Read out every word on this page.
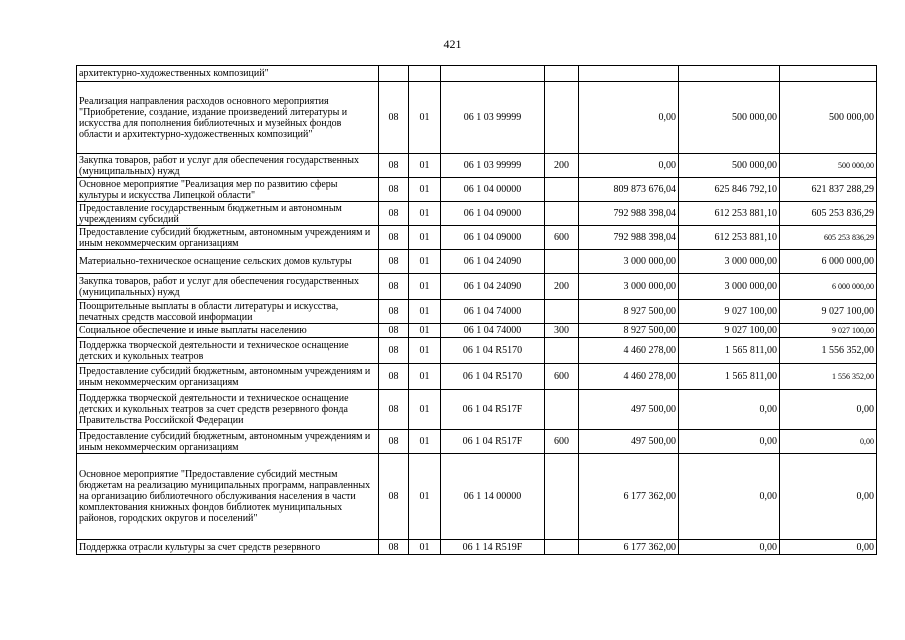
421
архитектурно-художественных композиций"							
Реализация направления расходов основного мероприятия "Приобретение, создание, издание произведений литературы и искусства для пополнения библиотечных и музейных фондов области и архитектурно-художественных композиций"	08	01	06 1 03 99999		0,00	500 000,00	500 000,00
Закупка товаров, работ и услуг для обеспечения государственных (муниципальных) нужд	08	01	06 1 03 99999	200	0,00	500 000,00	500 000,00
Основное мероприятие "Реализация мер по развитию сферы культуры и искусства Липецкой области"	08	01	06 1 04 00000		809 873 676,04	625 846 792,10	621 837 288,29
Предоставление государственным бюджетным и автономным учреждениям субсидий	08	01	06 1 04 09000		792 988 398,04	612 253 881,10	605 253 836,29
Предоставление субсидий бюджетным, автономным учреждениям и иным некоммерческим организациям	08	01	06 1 04 09000	600	792 988 398,04	612 253 881,10	605 253 836,29
Материально-техническое оснащение сельских домов культуры	08	01	06 1 04 24090		3 000 000,00	3 000 000,00	6 000 000,00
Закупка товаров, работ и услуг для обеспечения государственных (муниципальных) нужд	08	01	06 1 04 24090	200	3 000 000,00	3 000 000,00	6 000 000,00
Поощрительные выплаты в области литературы и искусства, печатных средств массовой информации	08	01	06 1 04 74000		8 927 500,00	9 027 100,00	9 027 100,00
Социальное обеспечение и иные выплаты населению	08	01	06 1 04 74000	300	8 927 500,00	9 027 100,00	9 027 100,00
Поддержка творческой деятельности и техническое оснащение детских и кукольных театров	08	01	06 1 04 R5170		4 460 278,00	1 565 811,00	1 556 352,00
Предоставление субсидий бюджетным, автономным учреждениям и иным некоммерческим организациям	08	01	06 1 04 R5170	600	4 460 278,00	1 565 811,00	1 556 352,00
Поддержка творческой деятельности и техническое оснащение детских и кукольных театров за счет средств резервного фонда Правительства Российской Федерации	08	01	06 1 04 R517F		497 500,00	0,00	0,00
Предоставление субсидий бюджетным, автономным учреждениям и иным некоммерческим организациям	08	01	06 1 04 R517F	600	497 500,00	0,00	0,00
Основное мероприятие "Предоставление субсидий местным бюджетам на реализацию муниципальных программ, направленных на организацию библиотечного обслуживания населения в части комплектования книжных фондов библиотек муниципальных районов, городских округов и поселений"	08	01	06 1 14 00000		6 177 362,00	0,00	0,00
Поддержка отрасли культуры за счет средств резервного	08	01	06 1 14 R519F		6 177 362,00	0,00	0,00
